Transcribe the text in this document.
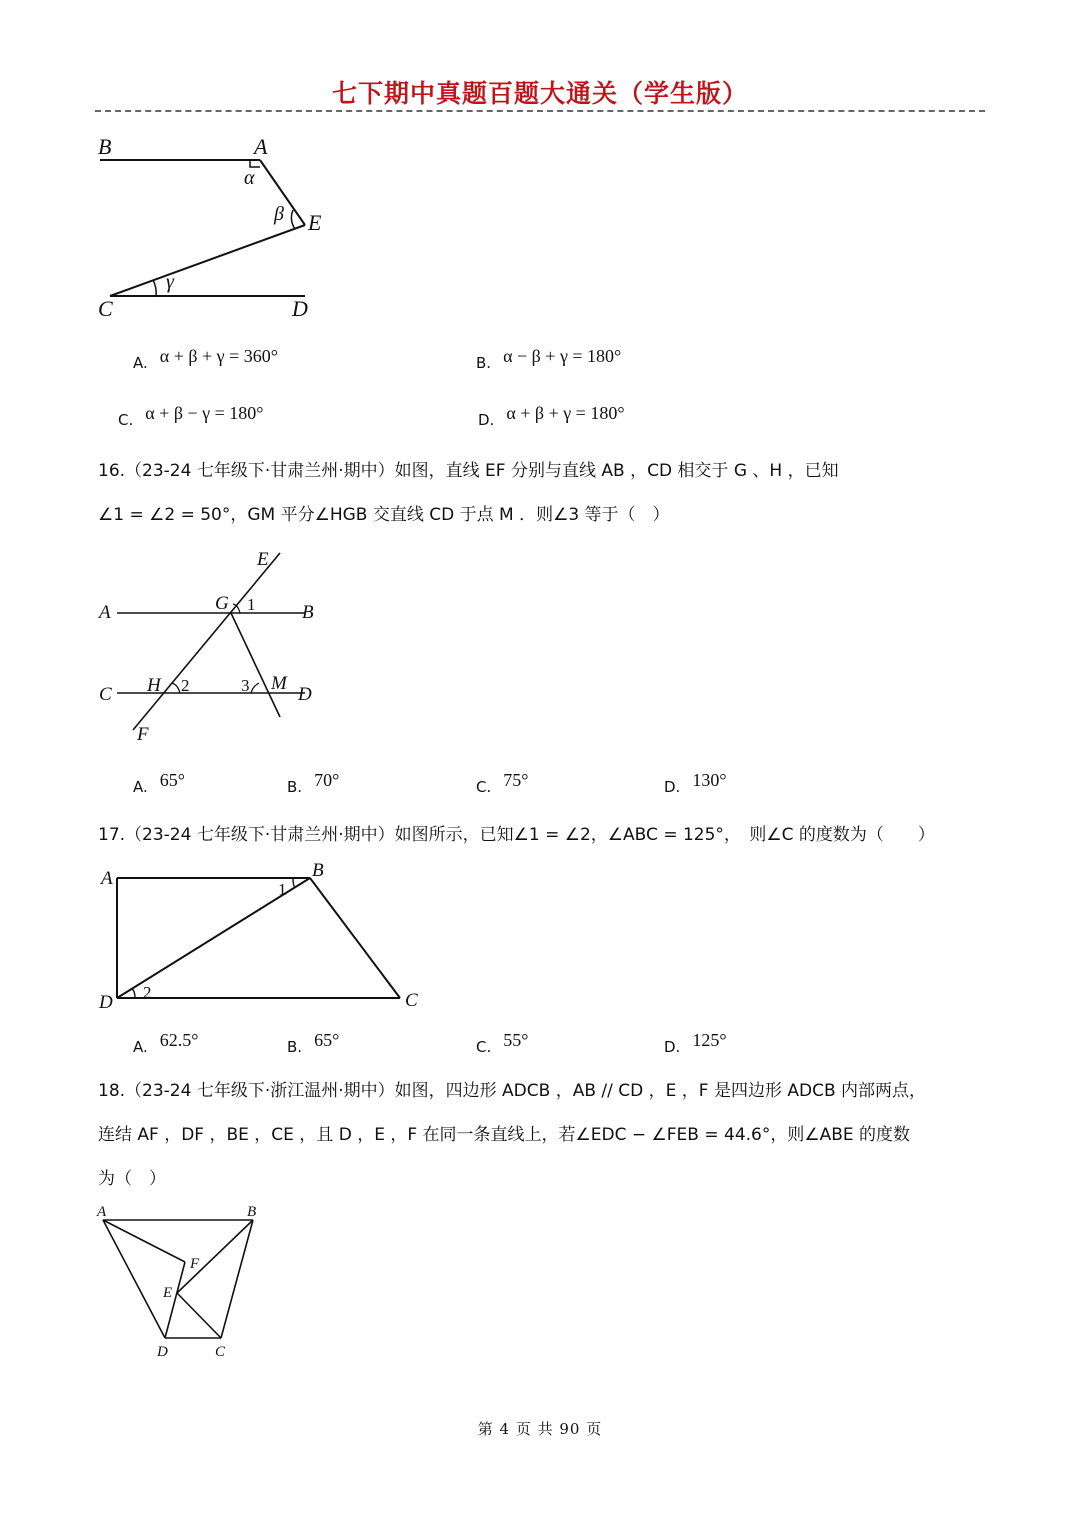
七下期中真题百题大通关（学生版）
B	A
α
β E
γ
C	D
A. α + β + γ = 360°	B. α − β + γ = 180°
C. α + β − γ = 180°	D. α + β + γ = 180°
16.（23-24 七年级下·甘肃兰州·期中）如图，直线 EF 分别与直线 AB ，CD 相交于 G 、H ，已知
∠1 = ∠2 = 50°，GM 平分∠HGB 交直线 CD 于点 M ．则∠3 等于（　）
E
A	G 1 B
C H 2	3 M
D
F
A. 65°	B. 70°	C. 75°	D. 130°
17.（23-24 七年级下·甘肃兰州·期中）如图所示，已知∠1 = ∠2，∠ABC = 125°，　则∠C 的度数为（　　）
A	B
1
D 2	C
A. 62.5°	B. 65°	C. 55°	D. 125°
18.（23-24 七年级下·浙江温州·期中）如图，四边形 ADCB ，AB // CD ，E ，F 是四边形 ADCB 内部两点，
连结 AF ，DF ，BE ，CE ，且 D ，E ，F 在同一条直线上，若∠EDC − ∠FEB = 44.6°，则∠ABE 的度数
为（　）
A	B
F
E
D	C
第 4 页 共 90 页
